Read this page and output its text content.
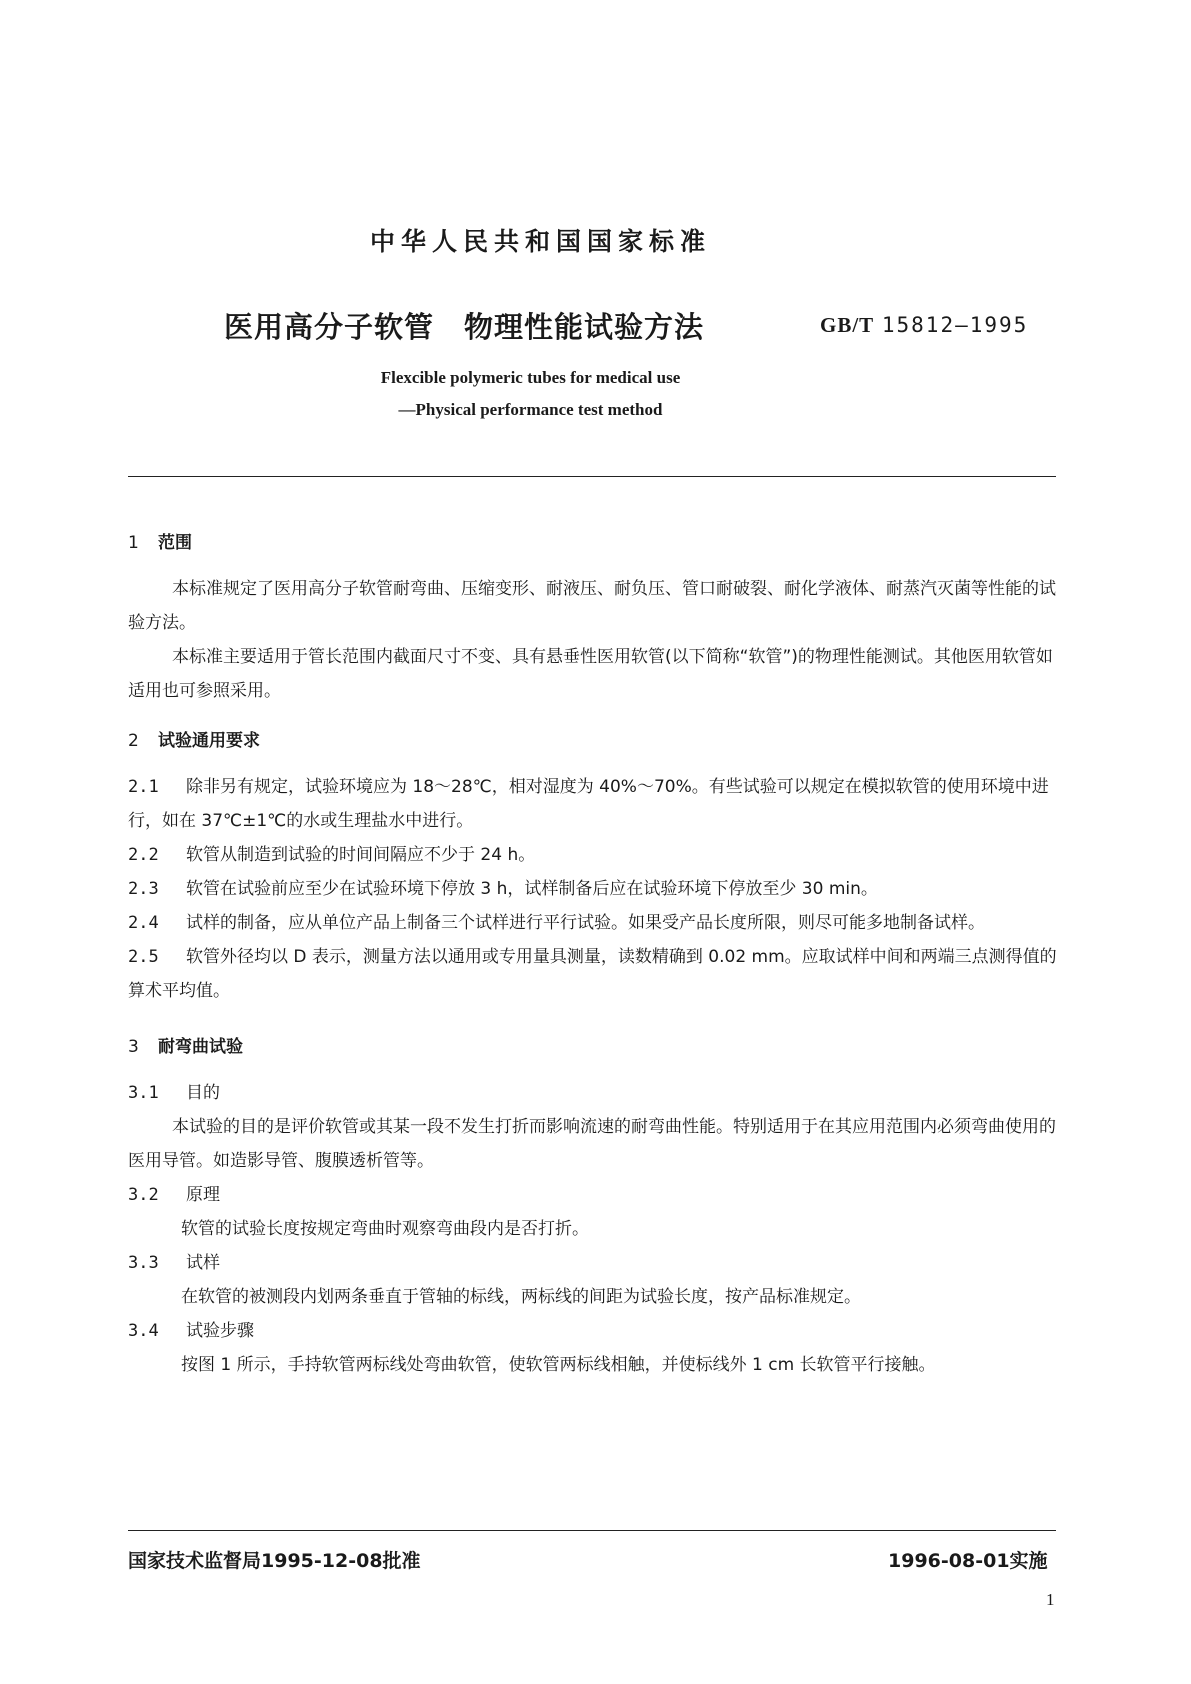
中华人民共和国国家标准
医用高分子软管　物理性能试验方法	GB/T 15812—1995
Flexcible polymeric tubes for medical use
—Physical performance test method
1 范围
本标准规定了医用高分子软管耐弯曲、压缩变形、耐液压、耐负压、管口耐破裂、耐化学液体、耐蒸汽灭菌等性能的试验方法。
本标准主要适用于管长范围内截面尺寸不变、具有悬垂性医用软管(以下简称“软管”)的物理性能测试。其他医用软管如适用也可参照采用。
2 试验通用要求
2.1 除非另有规定，试验环境应为 18～28℃，相对湿度为 40%～70%。有些试验可以规定在模拟软管的使用环境中进行，如在 37℃±1℃的水或生理盐水中进行。
2.2 软管从制造到试验的时间间隔应不少于 24 h。
2.3 软管在试验前应至少在试验环境下停放 3 h，试样制备后应在试验环境下停放至少 30 min。
2.4 试样的制备，应从单位产品上制备三个试样进行平行试验。如果受产品长度所限，则尽可能多地制备试样。
2.5 软管外径均以 D 表示，测量方法以通用或专用量具测量，读数精确到 0.02 mm。应取试样中间和两端三点测得值的算术平均值。
3 耐弯曲试验
3.1 目的
本试验的目的是评价软管或其某一段不发生打折而影响流速的耐弯曲性能。特别适用于在其应用范围内必须弯曲使用的医用导管。如造影导管、腹膜透析管等。
3.2 原理
软管的试验长度按规定弯曲时观察弯曲段内是否打折。
3.3 试样
在软管的被测段内划两条垂直于管轴的标线，两标线的间距为试验长度，按产品标准规定。
3.4 试验步骤
按图 1 所示，手持软管两标线处弯曲软管，使软管两标线相触，并使标线外 1 cm 长软管平行接触。
国家技术监督局1995-12-08批准	1996-08-01实施
1
